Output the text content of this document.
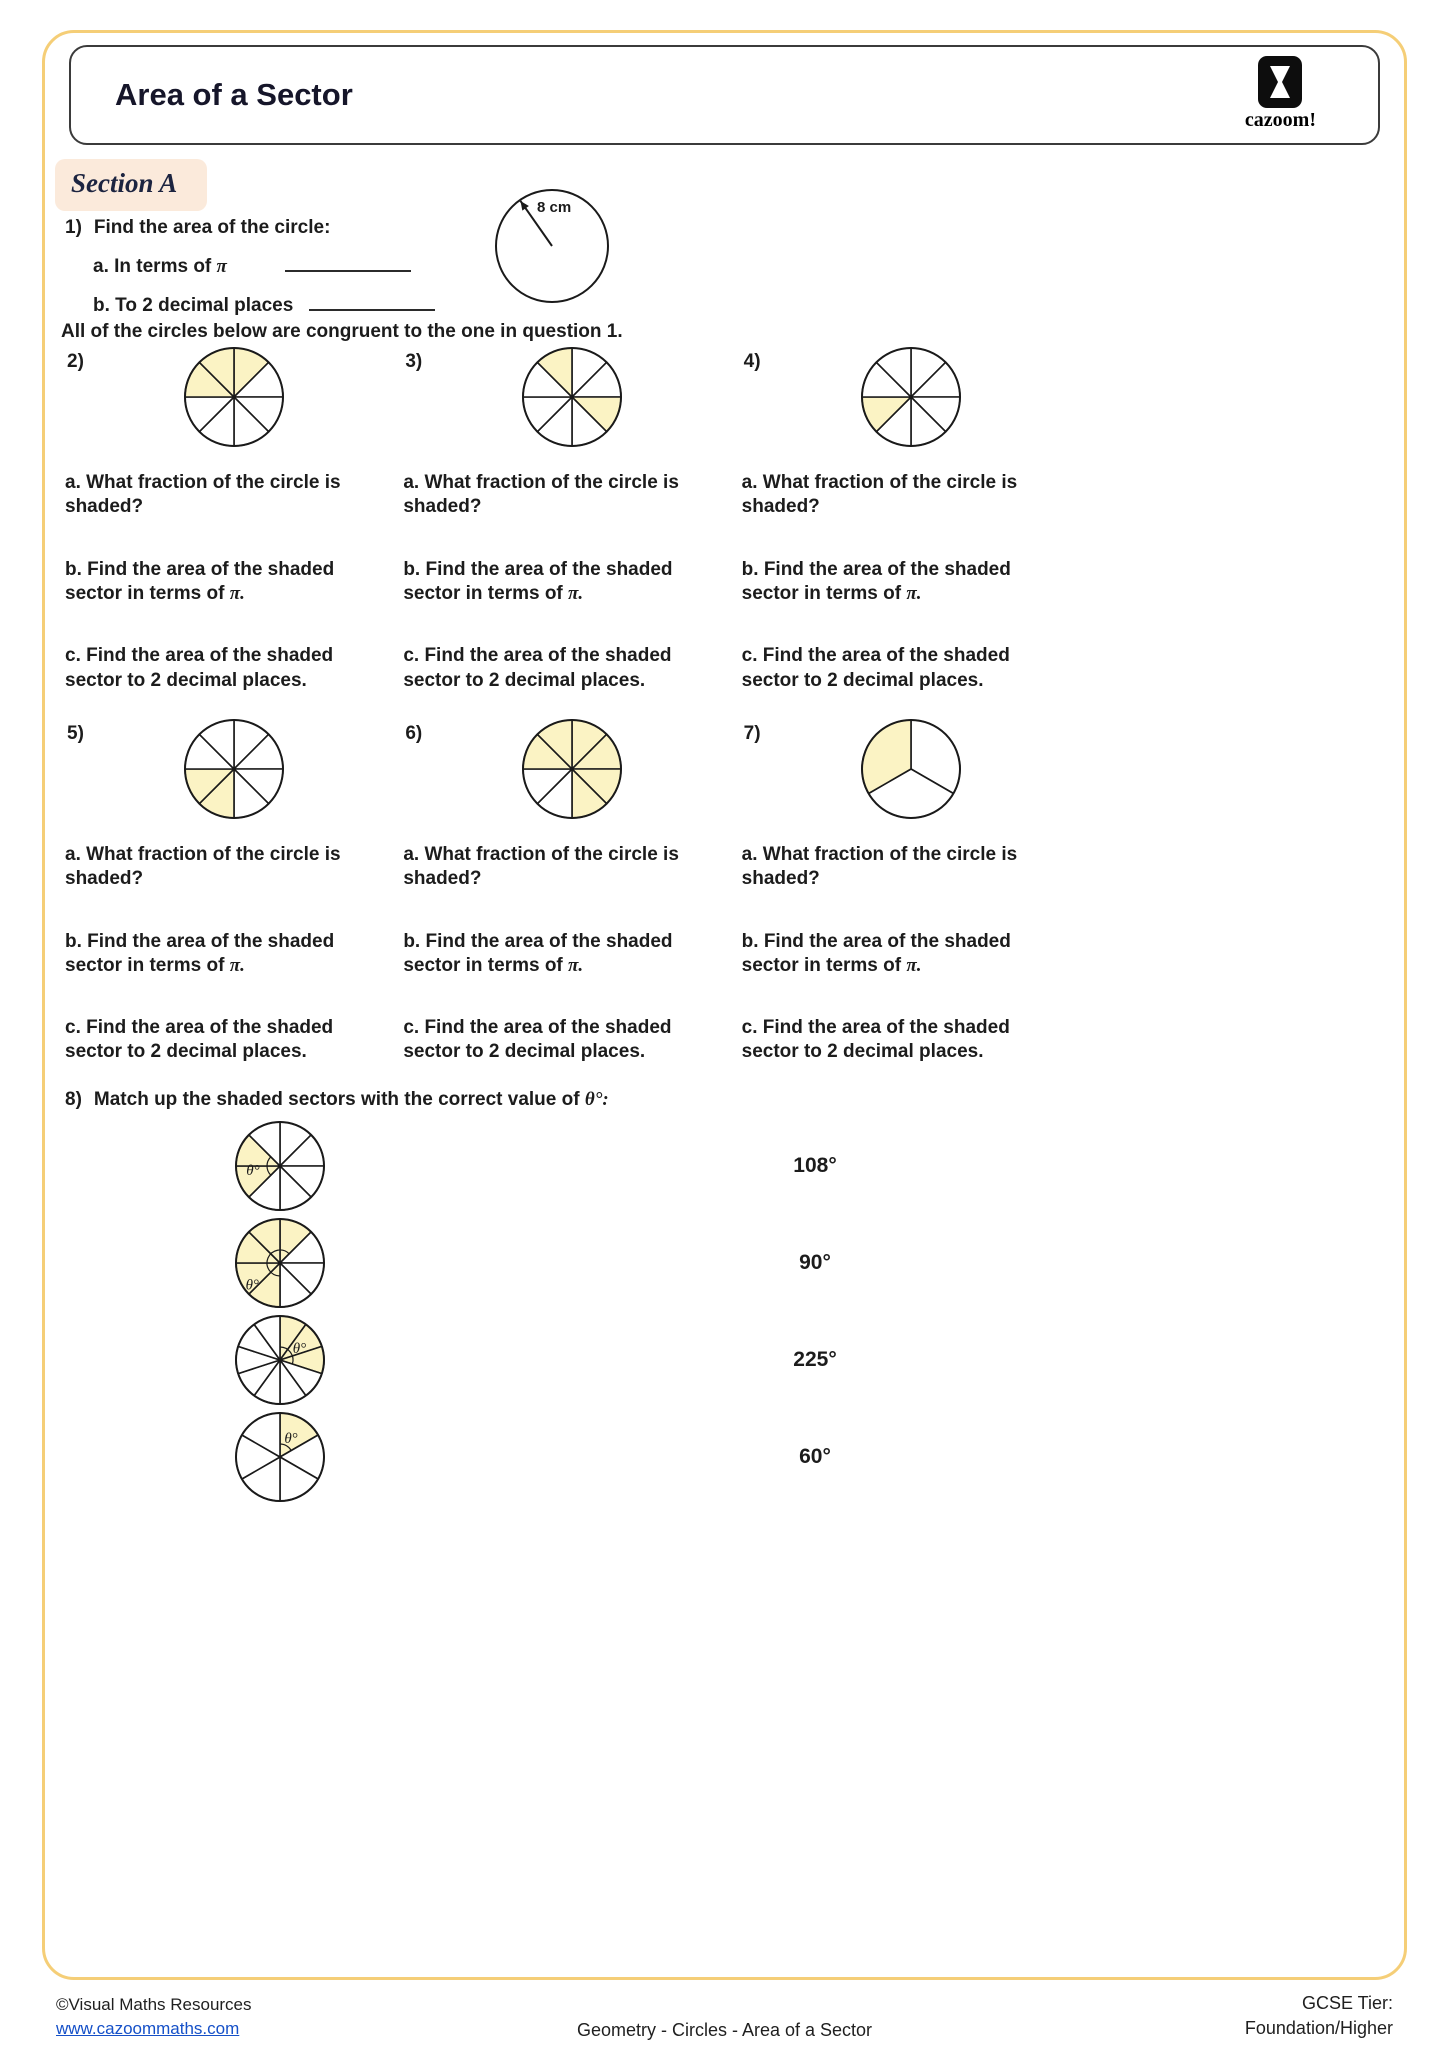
Area of a Sector
cazoom!
Section A
1) Find the area of the circle:
a. In terms of π
b. To 2 decimal places
8 cm

All of the circles below are congruent to the one in question 1.

2)

a. What fraction of the circle is shaded?

b. Find the area of the shaded sector in terms of π.

c. Find the area of the shaded sector to 2 decimal places.

3)

a. What fraction of the circle is shaded?

b. Find the area of the shaded sector in terms of π.

c. Find the area of the shaded sector to 2 decimal places.

4)

a. What fraction of the circle is shaded?

b. Find the area of the shaded sector in terms of π.

c. Find the area of the shaded sector to 2 decimal places.

5)

a. What fraction of the circle is shaded?

b. Find the area of the shaded sector in terms of π.

c. Find the area of the shaded sector to 2 decimal places.

6)

a. What fraction of the circle is shaded?

b. Find the area of the shaded sector in terms of π.

c. Find the area of the shaded sector to 2 decimal places.

7)

a. What fraction of the circle is shaded?

b. Find the area of the shaded sector in terms of π.

c. Find the area of the shaded sector to 2 decimal places.

8) Match up the shaded sectors with the correct value of θ°:

θ°	108°
θ°
90°
θ°	225°
θ°
60°
©Visual Maths Resources
www.cazoommaths.com	Geometry - Circles - Area of a Sector
GCSE Tier:
Foundation/Higher
